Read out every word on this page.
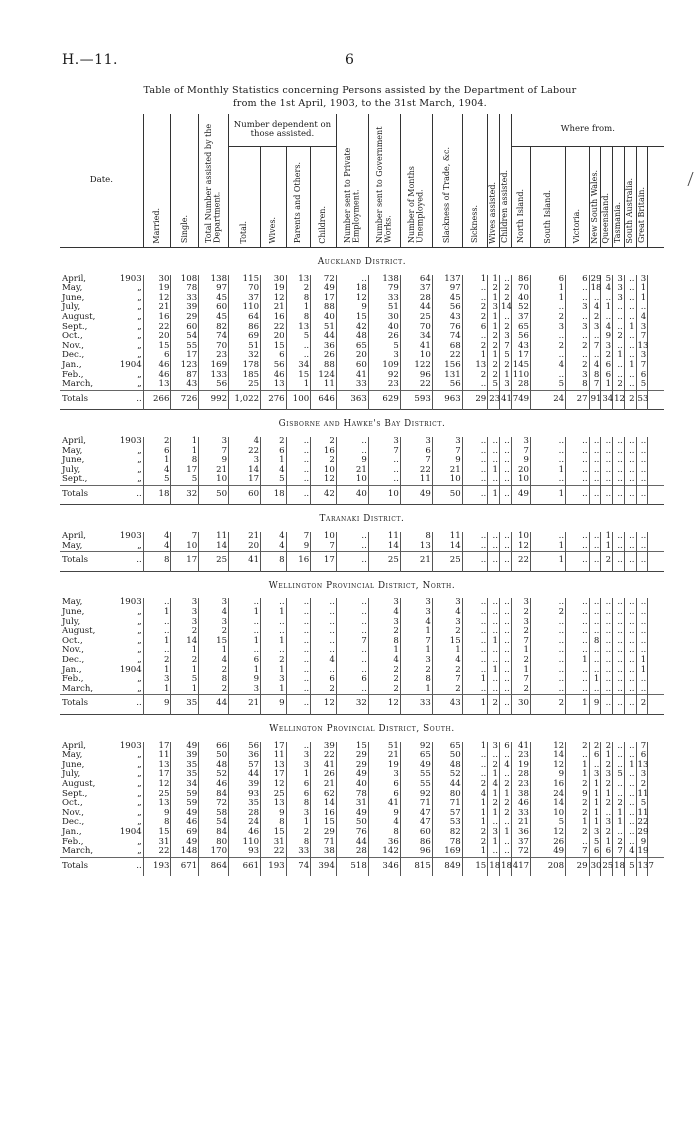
H.—11.	6
Table of Monthly Statistics concerning Persons assisted by the Department of Labour
from the 1st April, 1903, to the 31st March, 1904.
Date.		Married.	Single.	Total Number assisted by the Department.	Number dependent on those assisted.				Number sent to Private Employment.	Number sent to Government Works.	Number of Months Unemployed.	Slackness of Trade, &c.	Sickness.	Wives assisted.	Children assisted.	Where from.								
					Total.	Wives.	Parents and Others.	Children.								North Island.	South Island.	Victoria.	New South Wales.	Queensland.	Tasmania.	South Australia.	Great Britain.	
Auckland District.																								
April,	1903	30	108	138	115	30	13	72	..	138	64	137	1	1	..	86	6	6	29	5	3	..	3	
May,	„	19	78	97	70	19	2	49	18	79	37	97	..	2	2	70	1	..	18	4	3	..	1	
June,	„	12	33	45	37	12	8	17	12	33	28	45	..	1	2	40	1	..	..	..	3	..	1	
July,	„	21	39	60	110	21	1	88	9	51	44	56	2	3	14	52	..	3	4	1	..	..	..	
August,	„	16	29	45	64	16	8	40	15	30	25	43	2	1	..	37	2	..	2	..	..	..	4	
Sept.,	„	22	60	82	86	22	13	51	42	40	70	76	6	1	2	65	3	3	3	4	..	1	3	
Oct.,	„	20	54	74	69	20	5	44	48	26	34	74	..	2	3	56	..	..	..	9	2	..	7	
Nov.,	„	15	55	70	51	15	..	36	65	5	41	68	2	2	7	43	2	2	7	3	..	..	13	
Dec.,	„	6	17	23	32	6	..	26	20	3	10	22	1	1	5	17	..	..	..	2	1	..	3	
Jan.,	1904	46	123	169	178	56	34	88	60	109	122	156	13	2	2	145	4	2	4	6	..	1	7	
Feb.,	„	46	87	133	185	46	15	124	41	92	96	131	2	2	1	110	..	3	8	6	..	..	6	
March,	„	13	43	56	25	13	1	11	33	23	22	56	..	5	3	28	5	8	7	1	2	..	5	
Totals	..	266	726	992	1,022	276	100	646	363	629	593	963	29	23	41	749	24	27	91	34	12	2	53	
Gisborne and Hawke's Bay District.																								
April,	1903	2	1	3	4	2	..	2	..	3	3	3	..	..	..	3	..	..	..	..	..	..	..	
May,	„	6	1	7	22	6	..	16	..	7	6	7	..	..	..	7	..	..	..	..	..	..	..	
June,	„	1	8	9	3	1	..	2	9	..	7	9	..	..	..	9	..	..	..	..	..	..	..	
July,	„	4	17	21	14	4	..	10	21	..	22	21	..	1	..	20	1	..	..	..	..	..	..	
Sept.,	„	5	5	10	17	5	..	12	10	..	11	10	..	..	..	10	..	..	..	..	..	..	..	
Totals	..	18	32	50	60	18	..	42	40	10	49	50	..	1	..	49	1	..	..	..	..	..	..	
Taranaki District.																								
April,	1903	4	7	11	21	4	7	10	..	11	8	11	..	..	..	10	..	..	..	1	..	..	..	
May,	„	4	10	14	20	4	9	7	..	14	13	14	..	..	..	12	1	..	..	1	..	..	..	
Totals	..	8	17	25	41	8	16	17	..	25	21	25	..	..	..	22	1	..	..	2	..	..	..	
Wellington Provincial District, North.																								
May,	1903	..	3	3	..	..	..	..	..	3	3	3	..	..	..	3	..	..	..	..	..	..	..	
June,	„	1	3	4	1	1	..	..	..	4	3	4	..	..	..	2	2	..	..	..	..	..	..	
July,	„	..	3	3	..	..	..	..	..	3	4	3	..	..	..	3	..	..	..	..	..	..	..	
August,	„	..	2	2	..	..	..	..	..	2	1	2	..	..	..	2	..	..	..	..	..	..	..	
Oct.,	„	1	14	15	1	1	..	..	7	8	7	15	..	1	..	7	..	..	8	..	..	..	..	
Nov.,	„	..	1	1	..	..	..	..	..	1	1	1	..	..	..	1	..	..	..	..	..	..	..	
Dec.,	„	2	2	4	6	2	..	4	..	4	3	4	..	..	..	2	..	1	..	..	..	..	1	
Jan.,	1904	1	1	2	1	1	..	..	..	2	2	2	..	1	..	1	..	..	..	..	..	..	1	
Feb.,	„	3	5	8	9	3	..	6	6	2	8	7	1	..	..	7	..	..	1	..	..	..	..	
March,	„	1	1	2	3	1	..	2	..	2	1	2	..	..	..	2	..	..	..	..	..	..	..	
Totals	..	9	35	44	21	9	..	12	32	12	33	43	1	2	..	30	2	1	9	..	..	..	2	
Wellington Provincial District, South.																								
April,	1903	17	49	66	56	17	..	39	15	51	92	65	1	3	6	41	12	2	2	2	..	..	7	
May,	„	11	39	50	36	11	3	22	29	21	65	50	..	..	..	23	14	..	6	1	..	..	6	
June,	„	13	35	48	57	13	3	41	29	19	49	48	..	2	4	19	12	1	..	2	..	1	13	
July,	„	17	35	52	44	17	1	26	49	3	55	52	..	1	..	28	9	1	3	3	5	..	3	
August,	„	12	34	46	39	12	6	21	40	6	55	44	2	4	2	23	16	2	1	2	..	..	2	
Sept.,	„	25	59	84	93	25	6	62	78	6	92	80	4	1	1	38	24	9	1	1	..	..	11	
Oct.,	„	13	59	72	35	13	8	14	31	41	71	71	1	2	2	46	14	2	1	2	2	..	5	
Nov.,	„	9	49	58	28	9	3	16	49	9	47	57	1	1	2	33	10	2	1	..	1	..	11	
Dec.,	„	8	46	54	24	8	1	15	50	4	47	53	1	..	..	21	5	1	1	3	1	..	22	
Jan.,	1904	15	69	84	46	15	2	29	76	8	60	82	2	3	1	36	12	2	3	2	..	..	29	
Feb.,	„	31	49	80	110	31	8	71	44	36	86	78	2	1	..	37	26	..	5	1	2	..	9	
March,	„	22	148	170	93	22	33	38	28	142	96	169	1	..	..	72	49	7	6	6	7	4	19	
Totals	..	193	671	864	661	193	74	394	518	346	815	849	15	18	18	417	208	29	30	25	18	5	137	
